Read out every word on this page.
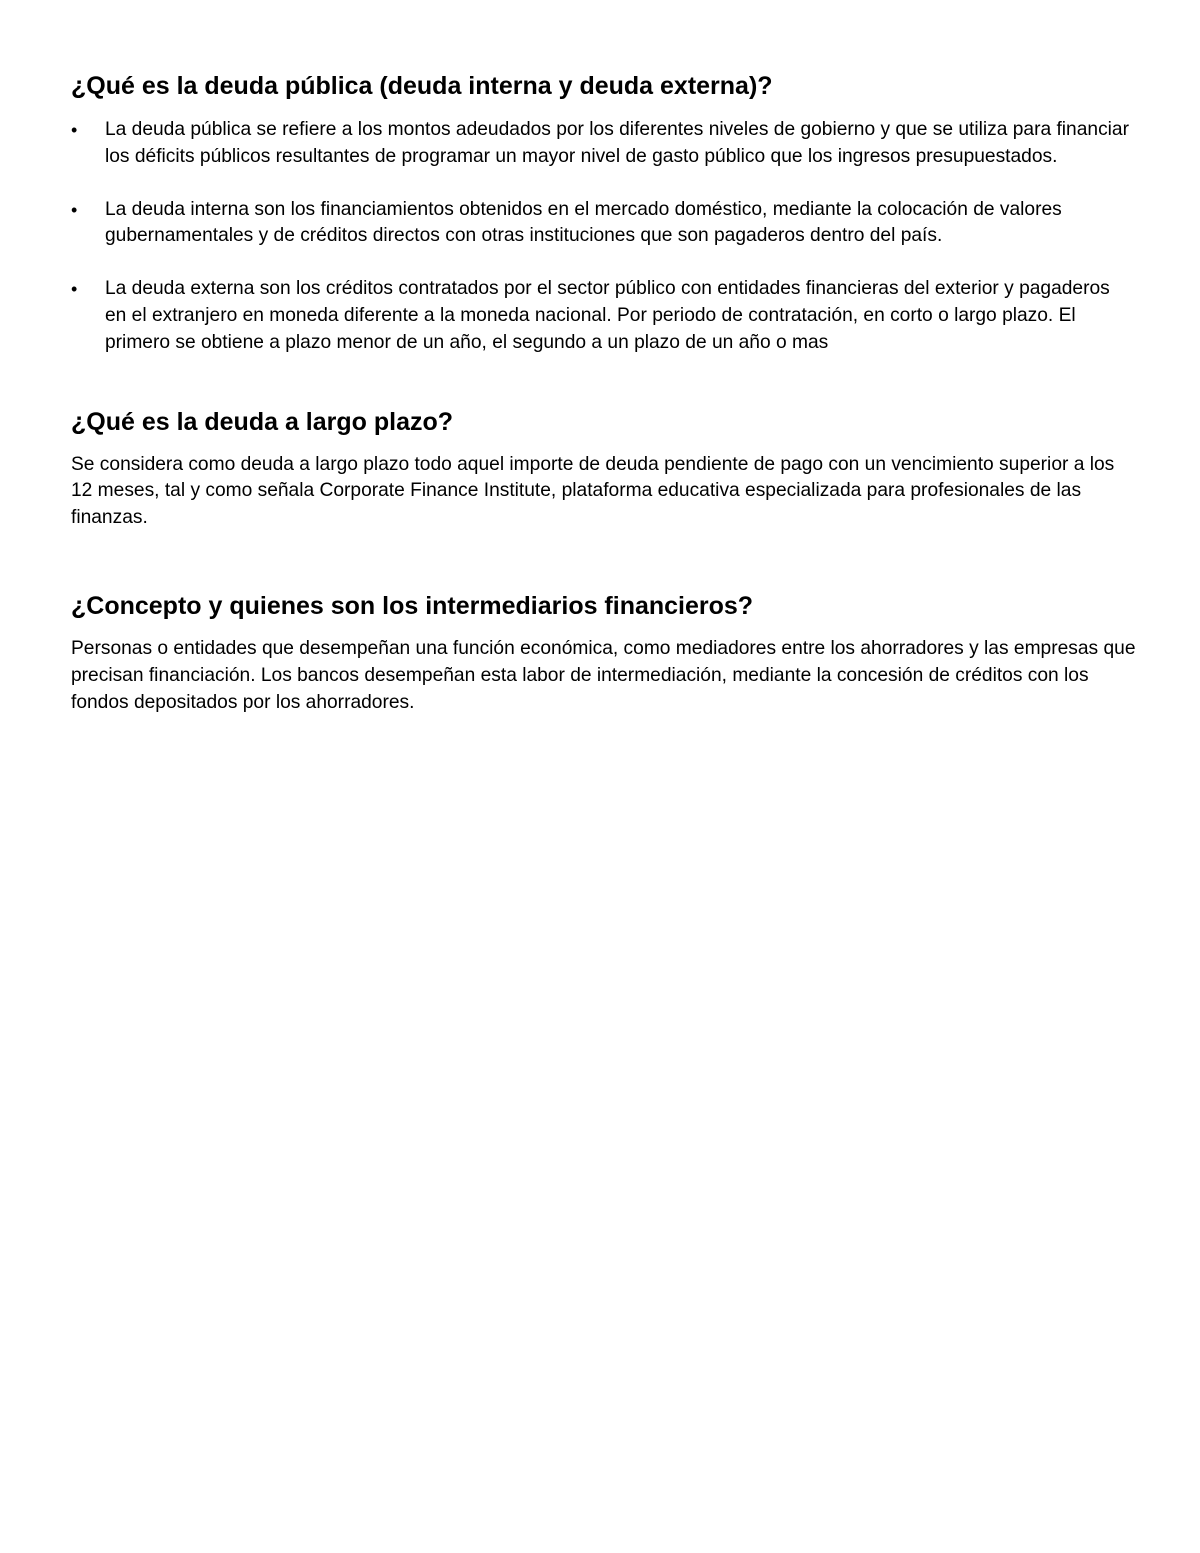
¿Qué es la deuda pública (deuda interna y deuda externa)?
• La deuda pública se refiere a los montos adeudados por los diferentes niveles de gobierno y que se utiliza para financiar los déficits públicos resultantes de programar un mayor nivel de gasto público que los ingresos presupuestados.
• La deuda interna son los financiamientos obtenidos en el mercado doméstico, mediante la colocación de valores gubernamentales y de créditos directos con otras instituciones que son pagaderos dentro del país.
• La deuda externa son los créditos contratados por el sector público con entidades financieras del exterior y pagaderos en el extranjero en moneda diferente a la moneda nacional. Por periodo de contratación, en corto o largo plazo. El primero se obtiene a plazo menor de un año, el segundo a un plazo de un año o mas
¿Qué es la deuda a largo plazo?

Se considera como deuda a largo plazo todo aquel importe de deuda pendiente de pago con un vencimiento superior a los 12 meses, tal y como señala Corporate Finance Institute, plataforma educativa especializada para profesionales de las finanzas.

¿Concepto y quienes son los intermediarios financieros?

Personas o entidades que desempeñan una función económica, como mediadores entre los ahorradores y las empresas que precisan financiación. Los bancos desempeñan esta labor de intermediación, mediante la concesión de créditos con los fondos depositados por los ahorradores.
